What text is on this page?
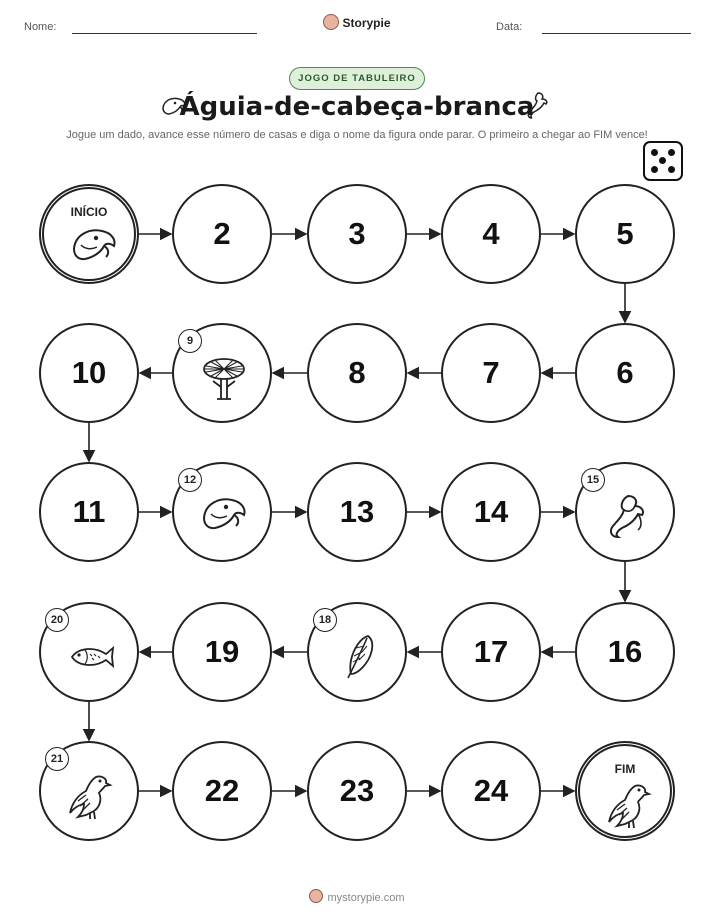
Nome:	Storypie	Data:
JOGO DE TABULEIRO
Águia-de-cabeça-branca
Jogue um dado, avance esse número de casas e diga o nome da figura onde parar. O primeiro a chegar ao FIM vence!
INÍCIO
2	3	4	5
6
7
8
9
10
11
12
13	14
15
16
17
18
19
20
21
22	23	24
FIM
mystorypie.com
